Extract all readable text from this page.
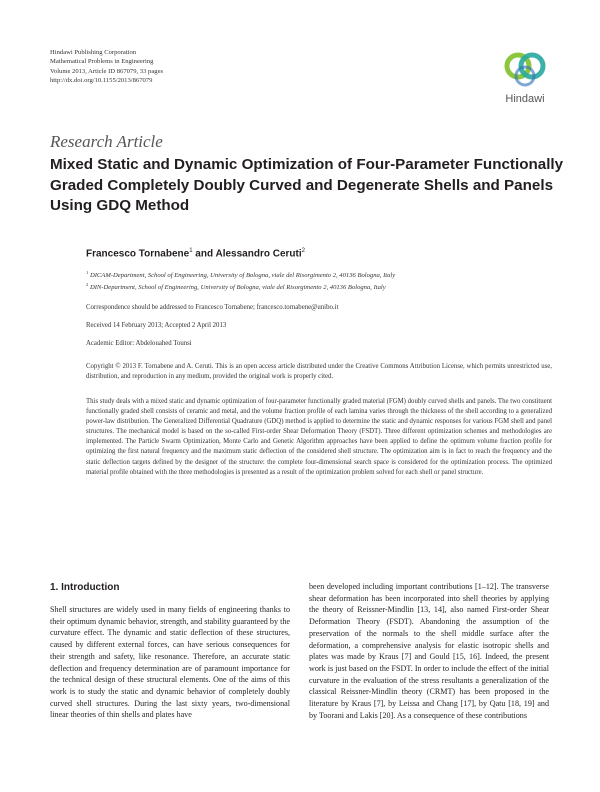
Hindawi Publishing Corporation
Mathematical Problems in Engineering
Volume 2013, Article ID 867079, 33 pages
http://dx.doi.org/10.1155/2013/867079
Hindawi
Research Article
Mixed Static and Dynamic Optimization of Four-Parameter Functionally Graded Completely Doubly Curved and Degenerate Shells and Panels Using GDQ Method
Francesco Tornabene$^1$ and Alessandro Ceruti$^2$
$^1$ DICAM-Department, School of Engineering, University of Bologna, viale del Risorgimento 2, 40136 Bologna, Italy
$^2$ DIN-Department, School of Engineering, University of Bologna, viale del Risorgimento 2, 40136 Bologna, Italy
Correspondence should be addressed to Francesco Tornabene; francesco.tornabene@unibo.it
Received 14 February 2013; Accepted 2 April 2013
Academic Editor: Abdelouahed Tounsi
Copyright © 2013 F. Tornabene and A. Ceruti. This is an open access article distributed under the Creative Commons Attribution License, which permits unrestricted use, distribution, and reproduction in any medium, provided the original work is properly cited.
This study deals with a mixed static and dynamic optimization of four-parameter functionally graded material (FGM) doubly curved shells and panels. The two constituent functionally graded shell consists of ceramic and metal, and the volume fraction profile of each lamina varies through the thickness of the shell according to a generalized power-law distribution. The Generalized Differential Quadrature (GDQ) method is applied to determine the static and dynamic responses for various FGM shell and panel structures. The mechanical model is based on the so-called First-order Shear Deformation Theory (FSDT). Three different optimization schemes and methodologies are implemented. The Particle Swarm Optimization, Monte Carlo and Genetic Algorithm approaches have been applied to define the optimum volume fraction profile for optimizing the first natural frequency and the maximum static deflection of the considered shell structure. The optimization aim is in fact to reach the frequency and the static deflection targets defined by the designer of the structure: the complete four-dimensional search space is considered for the optimization process. The optimized material profile obtained with the three methodologies is presented as a result of the optimization problem solved for each shell or panel structure.
1. Introduction
Shell structures are widely used in many fields of engineering thanks to their optimum dynamic behavior, strength, and stability guaranteed by the curvature effect. The dynamic and static deflection of these structures, caused by different external forces, can have serious consequences for their strength and safety, like resonance. Therefore, an accurate static deflection and frequency determination are of paramount importance for the technical design of these structural elements. One of the aims of this work is to study the static and dynamic behavior of completely doubly curved shell structures. During the last sixty years, two-dimensional linear theories of thin shells and plates have
been developed including important contributions [1–12]. The transverse shear deformation has been incorporated into shell theories by applying the theory of Reissner-Mindlin [13, 14], also named First-order Shear Deformation Theory (FSDT). Abandoning the assumption of the preservation of the normals to the shell middle surface after the deformation, a comprehensive analysis for elastic isotropic shells and plates was made by Kraus [7] and Gould [15, 16]. Indeed, the present work is just based on the FSDT. In order to include the effect of the initial curvature in the evaluation of the stress resultants a generalization of the classical Reissner-Mindlin theory (CRMT) has been proposed in the literature by Kraus [7], by Leissa and Chang [17], by Qatu [18, 19] and by Toorani and Lakis [20]. As a consequence of these contributions
